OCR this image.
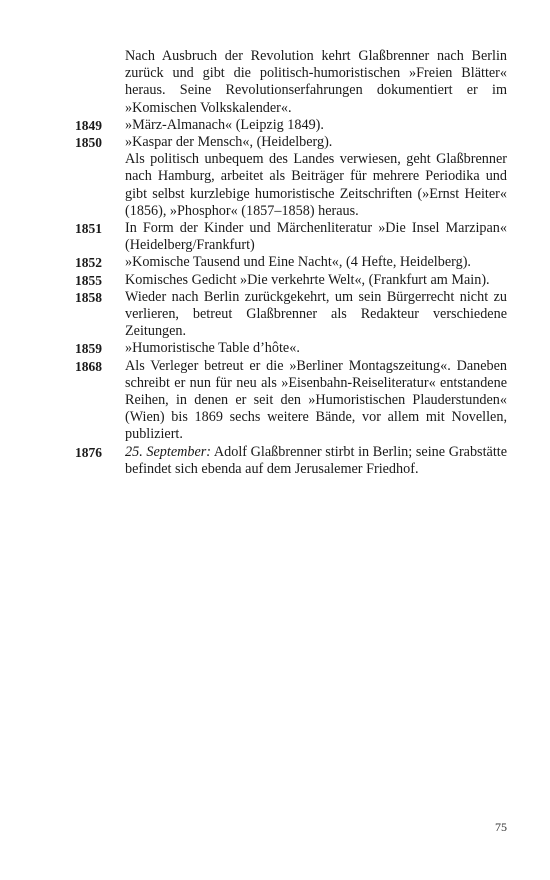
Nach Ausbruch der Revolution kehrt Glaßbrenner nach Berlin zurück und gibt die politisch-humoristischen »Freien Blätter« heraus. Seine Revolutionserfahrungen dokumentiert er im »Komischen Volkskalender«.
1849	»März-Almanach« (Leipzig 1849).
1850	»Kaspar der Mensch«, (Heidelberg).
Als politisch unbequem des Landes verwiesen, geht Glaßbrenner nach Hamburg, arbeitet als Beiträger für mehrere Periodika und gibt selbst kurzlebige humoristische Zeitschriften (»Ernst Heiter« (1856), »Phosphor« (1857–1858) heraus.
1851	In Form der Kinder und Märchenliteratur »Die Insel Marzipan« (Heidelberg/Frankfurt)
1852	»Komische Tausend und Eine Nacht«, (4 Hefte, Heidelberg).
1855	Komisches Gedicht »Die verkehrte Welt«, (Frankfurt am Main).
1858	Wieder nach Berlin zurückgekehrt, um sein Bürgerrecht nicht zu verlieren, betreut Glaßbrenner als Redakteur verschiedene Zeitungen.
1859	»Humoristische Table d’hôte«.
1868	Als Verleger betreut er die »Berliner Montagszeitung«. Daneben schreibt er nun für neu als »Eisenbahn-Reiseliteratur« entstandene Reihen, in denen er seit den »Humoristischen Plauderstunden« (Wien) bis 1869 sechs weitere Bände, vor allem mit Novellen, publiziert.
1876	25. September: Adolf Glaßbrenner stirbt in Berlin; seine Grabstätte befindet sich ebenda auf dem Jerusalemer Friedhof.
75
